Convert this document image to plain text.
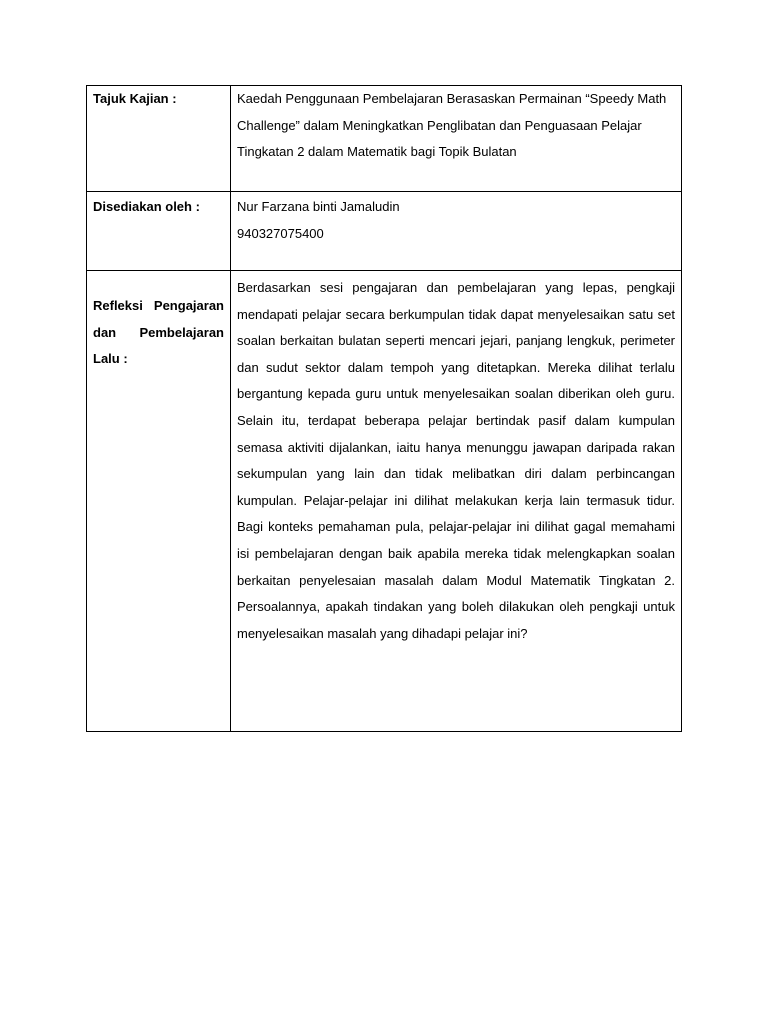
Tajuk Kajian :	Kaedah Penggunaan Pembelajaran Berasaskan Permainan “Speedy Math Challenge” dalam Meningkatkan Penglibatan dan Penguasaan Pelajar Tingkatan 2 dalam Matematik bagi Topik Bulatan
Disediakan oleh :	Nur Farzana binti Jamaludin
940327075400

Refleksi Pengajaran dan Pembelajaran Lalu :	Berdasarkan sesi pengajaran dan pembelajaran yang lepas, pengkaji mendapati pelajar secara berkumpulan tidak dapat menyelesaikan satu set soalan berkaitan bulatan seperti mencari jejari, panjang lengkuk, perimeter dan sudut sektor dalam tempoh yang ditetapkan. Mereka dilihat terlalu bergantung kepada guru untuk menyelesaikan soalan diberikan oleh guru. Selain itu, terdapat beberapa pelajar bertindak pasif dalam kumpulan semasa aktiviti dijalankan, iaitu hanya menunggu jawapan daripada rakan sekumpulan yang lain dan tidak melibatkan diri dalam perbincangan kumpulan. Pelajar-pelajar ini dilihat melakukan kerja lain termasuk tidur. Bagi konteks pemahaman pula, pelajar-pelajar ini dilihat gagal memahami isi pembelajaran dengan baik apabila mereka tidak melengkapkan soalan berkaitan penyelesaian masalah dalam Modul Matematik Tingkatan 2. Persoalannya, apakah tindakan yang boleh dilakukan oleh pengkaji untuk menyelesaikan masalah yang dihadapi pelajar ini?
